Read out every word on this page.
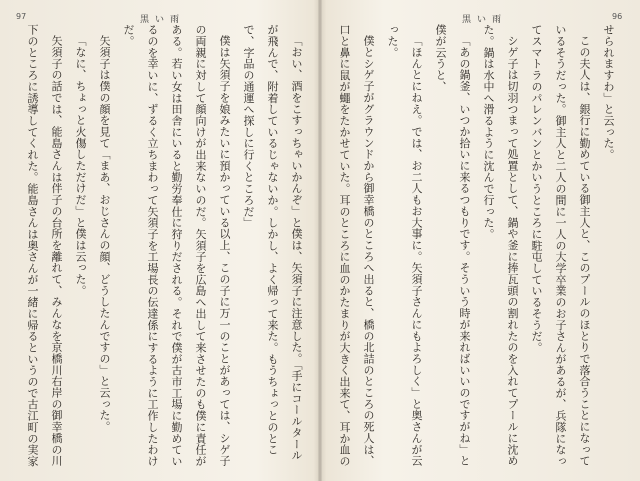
97	黒い雨

「おい、酒をこすっちゃいかんぞ」と僕は、矢須子に注意した。「手にコールタールが飛んで、附着しているじゃないか。しかし、よく帰って来た。もうちょっとのとこで、字品の通運へ探しに行くところだ」

僕は矢須子を娘みたいに預かっている以上、この子に万一のことがあっては、シゲ子の両親に対して顔向けが出来ないのだ。矢須子を広島へ出して来させたのも僕に責任がある。若い女は田舎にいると勤労奉仕に狩りだされる。それで僕が古市工場に勤めているのを幸いに、ずるく立ちまわって矢須子を工場長の伝達係にするように工作したわけだ。

矢須子は僕の顔を見て「まあ、おじさんの顔、どうしたんですの」と云った。

「なに、ちょっと火傷しただけだ」と僕は云った。

矢須子の話では、能島さんは伴子の台所を離れて、みんなを京橋川右岸の御幸橋の川下のところに誘導してくれた。能島さんは奥さんが一緒に帰るというので古江町の実家

96
黒い雨

せられますわ」と云った。

この夫人は、銀行に勤めている御主人と、このプールのほとりで落合うことになっているそうだった。御主人と二人の間に一人の大学卒業のお子さんがあるが、兵隊になってスマトラのパレンバンとかいうところに駐屯しているそうだ。

シゲ子は切羽つまって処置として、鍋や釜に捧瓦頭の割れたのを入れてプールに沈めた。鍋は水中へ滑るように沈んで行った。

「あの鍋釜、いつか拾いに来るつもりです。そういう時が来ればいいのですがね」と僕が云うと、

「ほんとにねえ。では、お二人もお大事に。矢須子さんにもよろしく」と奥さんが云った。

僕とシゲ子がグラウンドから御幸橋のところへ出ると、橋の北詰のところの死人は、口と鼻に鼠が蠅をたかせていた。耳のところに血のかたまりが大きく出来て、耳か血の
